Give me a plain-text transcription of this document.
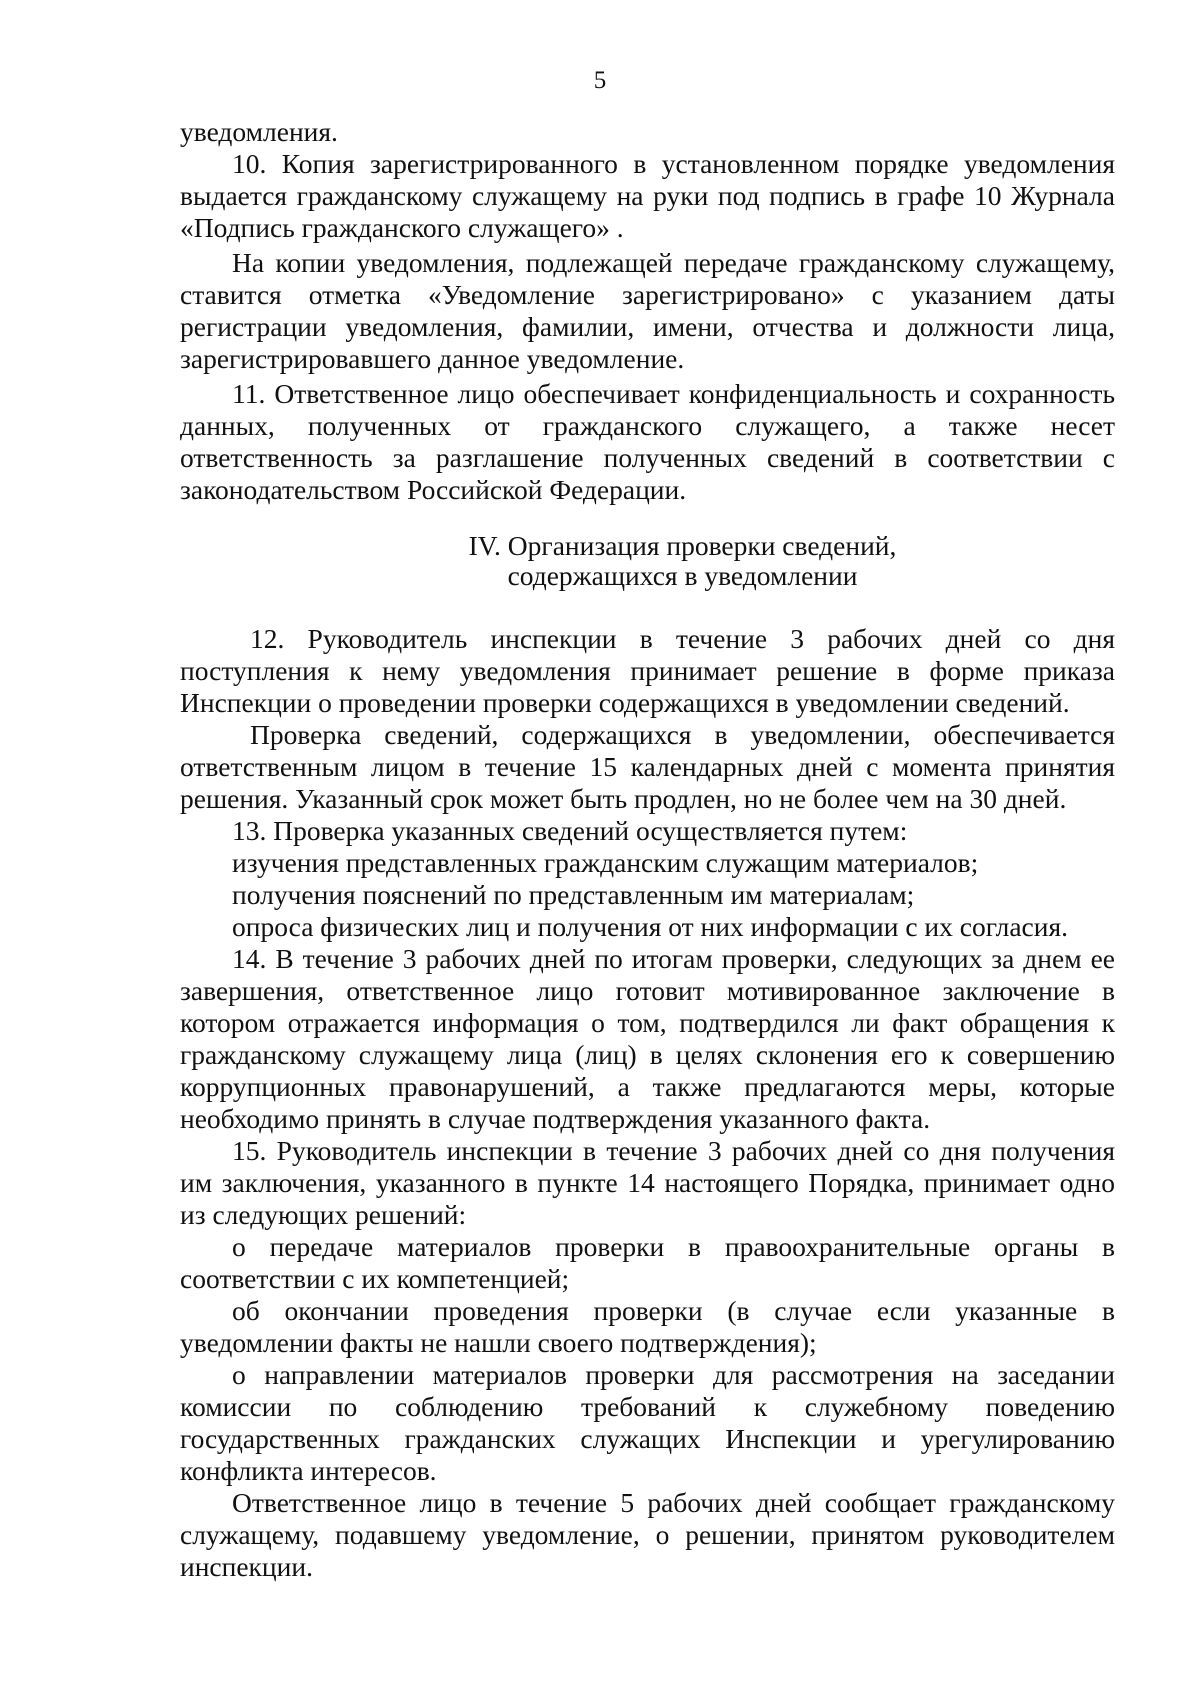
5

уведомления.

10. Копия зарегистрированного в установленном порядке уведомления выдается гражданскому служащему на руки под подпись в графе 10 Журнала «Подпись гражданского служащего» .

На копии уведомления, подлежащей передаче гражданскому служащему, ставится отметка «Уведомление зарегистрировано» с указанием даты регистрации уведомления, фамилии, имени, отчества и должности лица, зарегистрировавшего данное уведомление.

11. Ответственное лицо обеспечивает конфиденциальность и сохранность данных, полученных от гражданского служащего, а также несет ответственность за разглашение полученных сведений в соответствии с законодательством Российской Федерации.

IV. Организация проверки сведений,
содержащихся в уведомлении

12. Руководитель инспекции в течение 3 рабочих дней со дня поступления к нему уведомления принимает решение в форме приказа Инспекции о проведении проверки содержащихся в уведомлении сведений.

Проверка сведений, содержащихся в уведомлении, обеспечивается ответственным лицом в течение 15 календарных дней с момента принятия решения. Указанный срок может быть продлен, но не более чем на 30 дней.

13. Проверка указанных сведений осуществляется путем:

изучения представленных гражданским служащим материалов;

получения пояснений по представленным им материалам;

опроса физических лиц и получения от них информации с их согласия.

14. В течение 3 рабочих дней по итогам проверки, следующих за днем ее завершения, ответственное лицо готовит мотивированное заключение в котором отражается информация о том, подтвердился ли факт обращения к гражданскому служащему лица (лиц) в целях склонения его к совершению коррупционных правонарушений, а также предлагаются меры, которые необходимо принять в случае подтверждения указанного факта.

15. Руководитель инспекции в течение 3 рабочих дней со дня получения им заключения, указанного в пункте 14 настоящего Порядка, принимает одно из следующих решений:

о передаче материалов проверки в правоохранительные органы в соответствии с их компетенцией;

об окончании проведения проверки (в случае если указанные в уведомлении факты не нашли своего подтверждения);

о направлении материалов проверки для рассмотрения на заседании комиссии по соблюдению требований к служебному поведению государственных гражданских служащих Инспекции и урегулированию конфликта интересов.

Ответственное лицо в течение 5 рабочих дней сообщает гражданскому служащему, подавшему уведомление, о решении, принятом руководителем инспекции.
